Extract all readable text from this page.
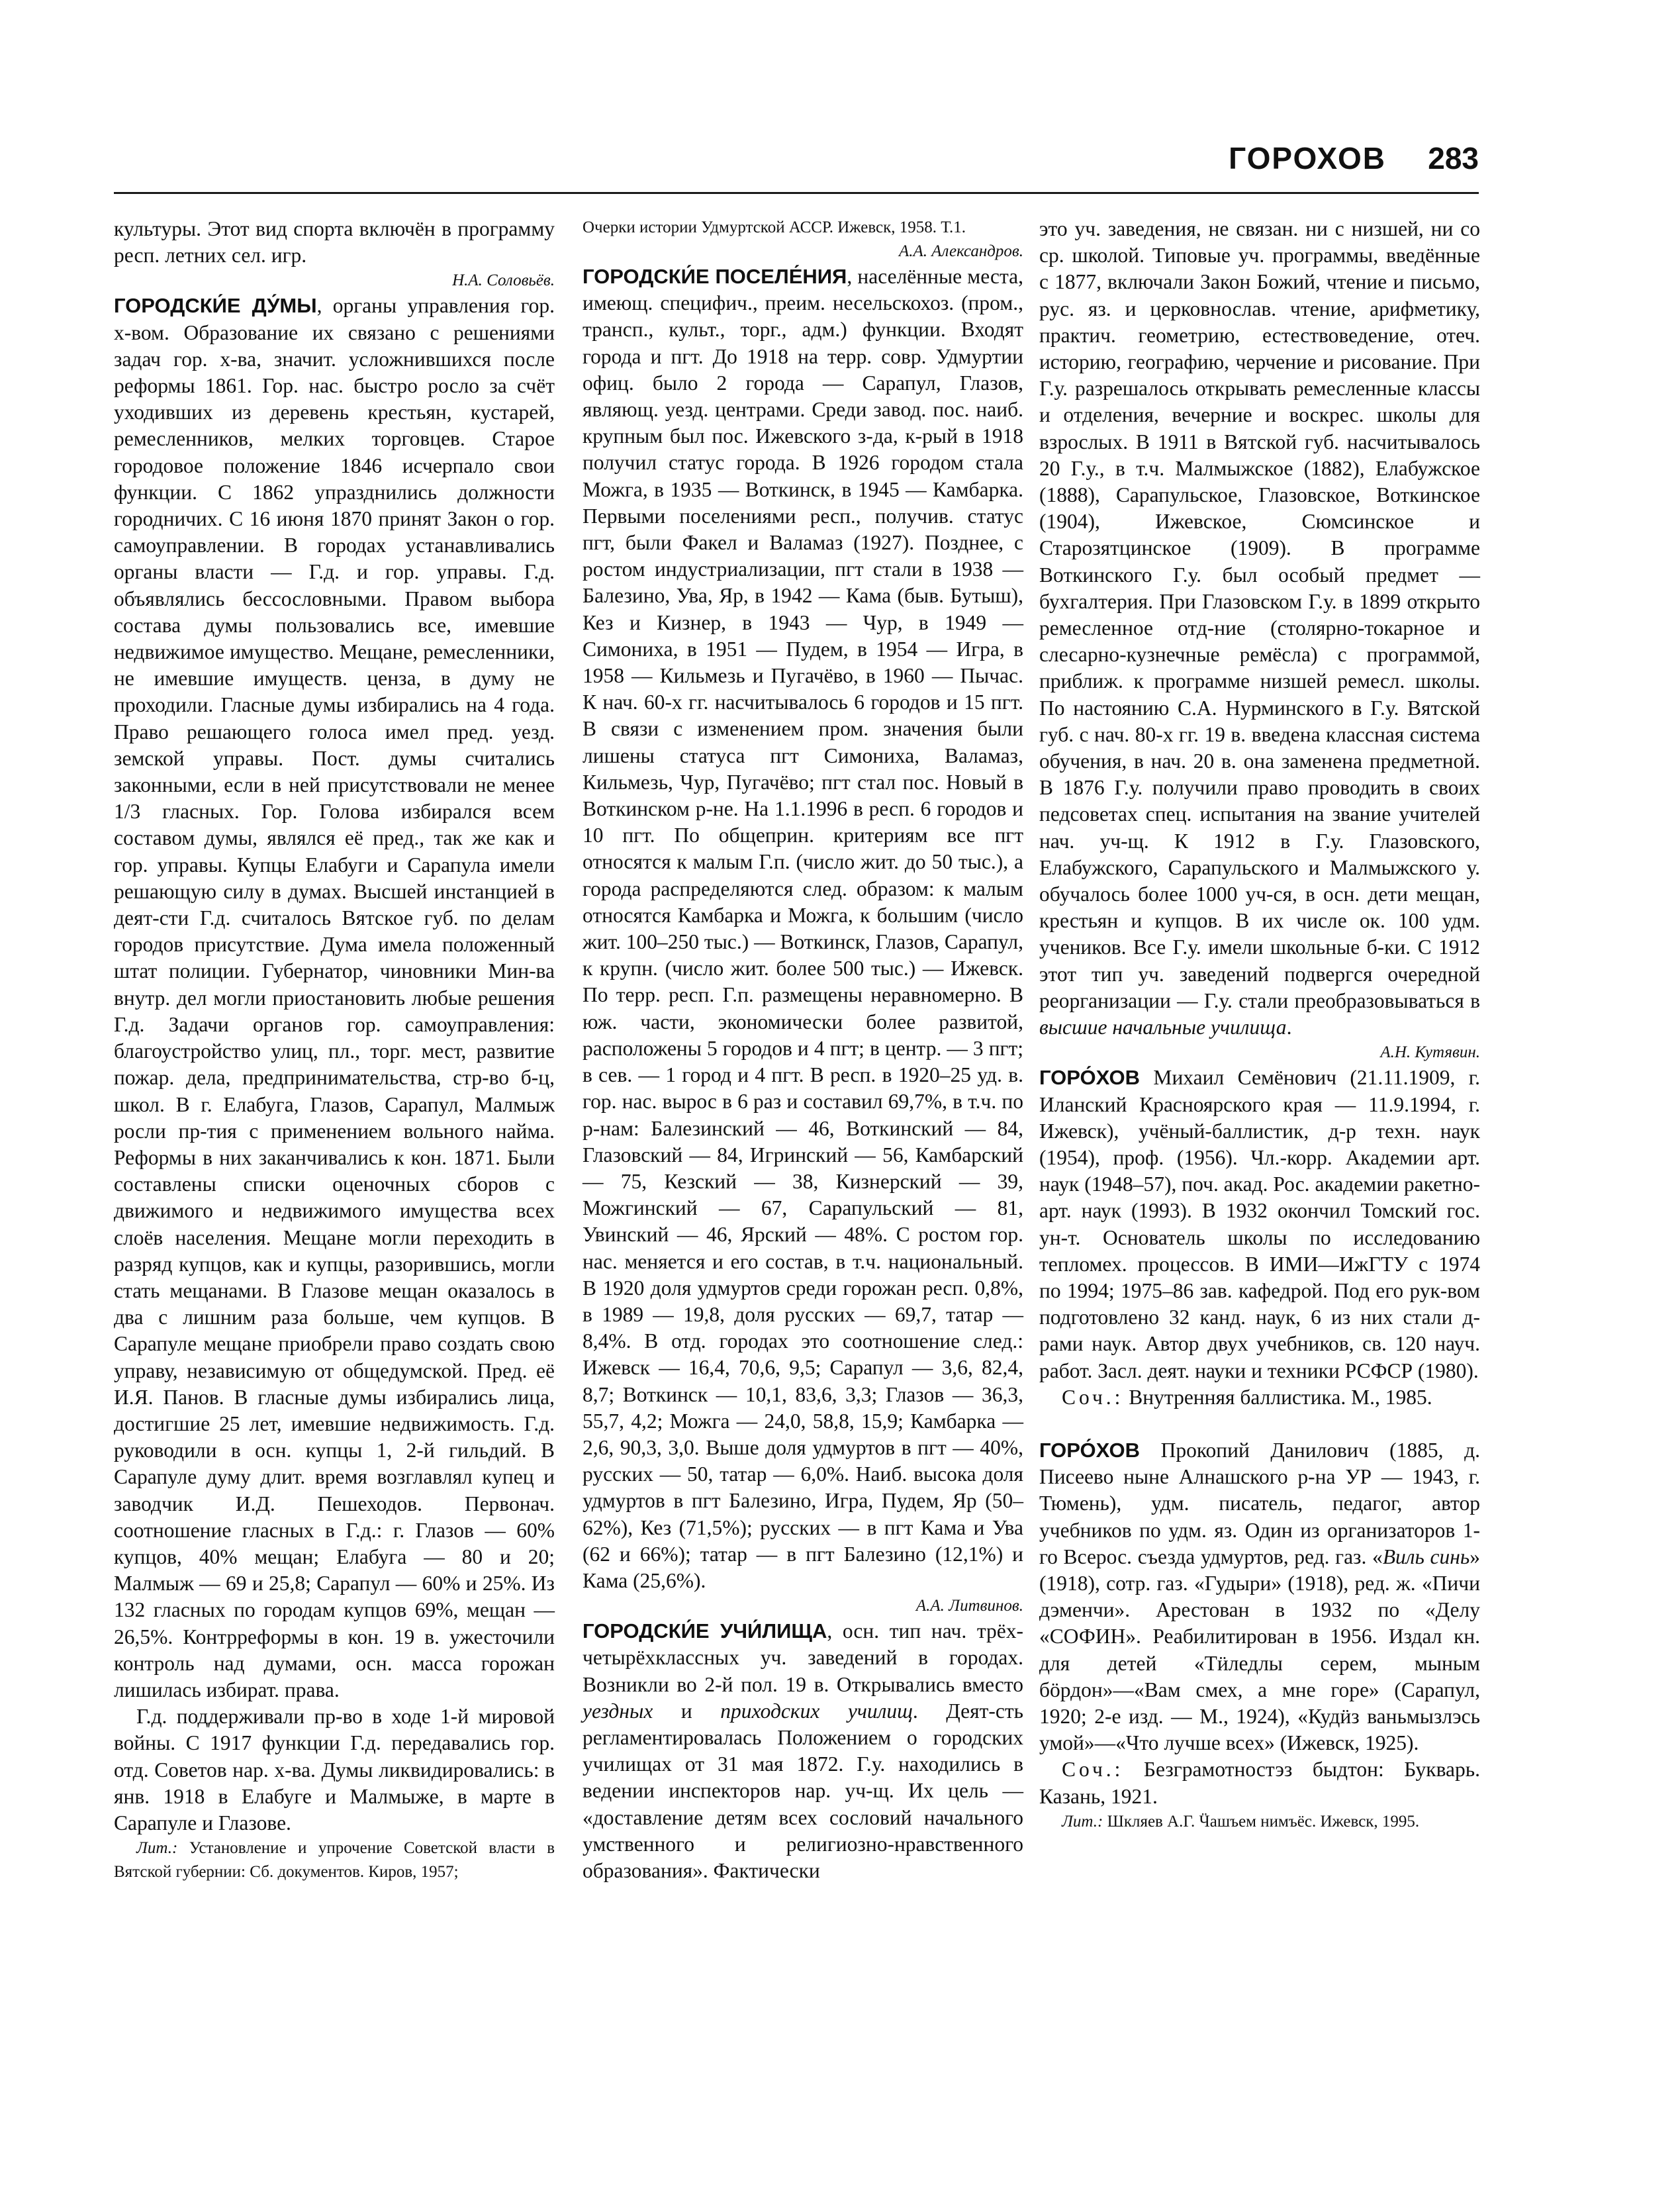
ГОРОХОВ 283

культуры. Этот вид спорта включён в программу респ. летних сел. игр.

Н.А. Соловьёв.

ГОРОДСКИ́Е ДУ́МЫ, органы управления гор. х-вом. Образование их связано с решениями задач гор. х-ва, значит. усложнившихся после реформы 1861. Гор. нас. быстро росло за счёт уходивших из деревень крестьян, кустарей, ремесленников, мелких торговцев. Старое городовое положение 1846 исчерпало свои функции. С 1862 упразднились должности городничих. С 16 июня 1870 принят Закон о гор. самоуправлении. В городах устанавливались органы власти — Г.д. и гор. управы. Г.д. объявлялись бессословными. Правом выбора состава думы пользовались все, имевшие недвижимое имущество. Мещане, ремесленники, не имевшие имуществ. ценза, в думу не проходили. Гласные думы избирались на 4 года. Право решающего голоса имел пред. уезд. земской управы. Пост. думы считались законными, если в ней присутствовали не менее 1/3 гласных. Гор. Голова избирался всем составом думы, являлся её пред., так же как и гор. управы. Купцы Елабуги и Сарапула имели решающую силу в думах. Высшей инстанцией в деят-сти Г.д. считалось Вятское губ. по делам городов присутствие. Дума имела положенный штат полиции. Губернатор, чиновники Мин-ва внутр. дел могли приостановить любые решения Г.д. Задачи органов гор. самоуправления: благоустройство улиц, пл., торг. мест, развитие пожар. дела, предпринимательства, стр-во б-ц, школ. В г. Елабуга, Глазов, Сарапул, Малмыж росли пр-тия с применением вольного найма. Реформы в них заканчивались к кон. 1871. Были составлены списки оценочных сборов с движимого и недвижимого имущества всех слоёв населения. Мещане могли переходить в разряд купцов, как и купцы, разорившись, могли стать мещанами. В Глазове мещан оказалось в два с лишним раза больше, чем купцов. В Сарапуле мещане приобрели право создать свою управу, независимую от общедумской. Пред. её И.Я. Панов. В гласные думы избирались лица, достигшие 25 лет, имевшие недвижимость. Г.д. руководили в осн. купцы 1, 2-й гильдий. В Сарапуле думу длит. время возглавлял купец и заводчик И.Д. Пешеходов. Первонач. соотношение гласных в Г.д.: г. Глазов — 60% купцов, 40% мещан; Елабуга — 80 и 20; Малмыж — 69 и 25,8; Сарапул — 60% и 25%. Из 132 гласных по городам купцов 69%, мещан — 26,5%. Контрреформы в кон. 19 в. ужесточили контроль над думами, осн. масса горожан лишилась избират. права.

Г.д. поддерживали пр-во в ходе 1-й мировой войны. С 1917 функции Г.д. передавались гор. отд. Советов нар. х-ва. Думы ликвидировались: в янв. 1918 в Елабуге и Малмыже, в марте в Сарапуле и Глазове.

Лит.: Установление и упрочение Советской власти в Вятской губернии: Сб. документов. Киров, 1957;

Очерки истории Удмуртской АССР. Ижевск, 1958. Т.1.

А.А. Александров.

ГОРОДСКИ́Е ПОСЕЛЕ́НИЯ, населённые места, имеющ. специфич., преим. несельскохоз. (пром., трансп., культ., торг., адм.) функции. Входят города и пгт. До 1918 на терр. совр. Удмуртии офиц. было 2 города — Сарапул, Глазов, являющ. уезд. центрами. Среди завод. пос. наиб. крупным был пос. Ижевского з-да, к-рый в 1918 получил статус города. В 1926 городом стала Можга, в 1935 — Воткинск, в 1945 — Камбарка. Первыми поселениями респ., получив. статус пгт, были Факел и Валамаз (1927). Позднее, с ростом индустриализации, пгт стали в 1938 — Балезино, Ува, Яр, в 1942 — Кама (быв. Бутыш), Кез и Кизнер, в 1943 — Чур, в 1949 — Симониха, в 1951 — Пудем, в 1954 — Игра, в 1958 — Кильмезь и Пугачёво, в 1960 — Пычас. К нач. 60-х гг. насчитывалось 6 городов и 15 пгт. В связи с изменением пром. значения были лишены статуса пгт Симониха, Валамаз, Кильмезь, Чур, Пугачёво; пгт стал пос. Новый в Воткинском р-не. На 1.1.1996 в респ. 6 городов и 10 пгт. По общеприн. критериям все пгт относятся к малым Г.п. (число жит. до 50 тыс.), а города распределяются след. образом: к малым относятся Камбарка и Можга, к большим (число жит. 100–250 тыс.) — Воткинск, Глазов, Сарапул, к крупн. (число жит. более 500 тыс.) — Ижевск. По терр. респ. Г.п. размещены неравномерно. В юж. части, экономически более развитой, расположены 5 городов и 4 пгт; в центр. — 3 пгт; в сев. — 1 город и 4 пгт. В респ. в 1920–25 уд. в. гор. нас. вырос в 6 раз и составил 69,7%, в т.ч. по р-нам: Балезинский — 46, Воткинский — 84, Глазовский — 84, Игринский — 56, Камбарский — 75, Кезский — 38, Кизнерский — 39, Можгинский — 67, Сарапульский — 81, Увинский — 46, Ярский — 48%. С ростом гор. нас. меняется и его состав, в т.ч. национальный. В 1920 доля удмуртов среди горожан респ. 0,8%, в 1989 — 19,8, доля русских — 69,7, татар — 8,4%. В отд. городах это соотношение след.: Ижевск — 16,4, 70,6, 9,5; Сарапул — 3,6, 82,4, 8,7; Воткинск — 10,1, 83,6, 3,3; Глазов — 36,3, 55,7, 4,2; Можга — 24,0, 58,8, 15,9; Камбарка — 2,6, 90,3, 3,0. Выше доля удмуртов в пгт — 40%, русских — 50, татар — 6,0%. Наиб. высока доля удмуртов в пгт Балезино, Игра, Пудем, Яр (50–62%), Кез (71,5%); русских — в пгт Кама и Ува (62 и 66%); татар — в пгт Балезино (12,1%) и Кама (25,6%).

А.А. Литвинов.

ГОРОДСКИ́Е УЧИ́ЛИЩА, осн. тип нач. трёх-четырёхклассных уч. заведений в городах. Возникли во 2-й пол. 19 в. Открывались вместо уездных и приходских училищ. Деят-сть регламентировалась Положением о городских училищах от 31 мая 1872. Г.у. находились в ведении инспекторов нар. уч-щ. Их цель — «доставление детям всех сословий начального умственного и религиозно-нравственного образования». Фактически

это уч. заведения, не связан. ни с низшей, ни со ср. школой. Типовые уч. программы, введённые с 1877, включали Закон Божий, чтение и письмо, рус. яз. и церковнослав. чтение, арифметику, практич. геометрию, естествоведение, отеч. историю, географию, черчение и рисование. При Г.у. разрешалось открывать ремесленные классы и отделения, вечерние и воскрес. школы для взрослых. В 1911 в Вятской губ. насчитывалось 20 Г.у., в т.ч. Малмыжское (1882), Елабужское (1888), Сарапульское, Глазовское, Воткинское (1904), Ижевское, Сюмсинское и Старозятцинское (1909). В программе Воткинского Г.у. был особый предмет — бухгалтерия. При Глазовском Г.у. в 1899 открыто ремесленное отд-ние (столярно-токарное и слесарно-кузнечные ремёсла) с программой, приближ. к программе низшей ремесл. школы. По настоянию С.А. Нурминского в Г.у. Вятской губ. с нач. 80-х гг. 19 в. введена классная система обучения, в нач. 20 в. она заменена предметной. В 1876 Г.у. получили право проводить в своих педсоветах спец. испытания на звание учителей нач. уч-щ. К 1912 в Г.у. Глазовского, Елабужского, Сарапульского и Малмыжского у. обучалось более 1000 уч-ся, в осн. дети мещан, крестьян и купцов. В их числе ок. 100 удм. учеников. Все Г.у. имели школьные б-ки. С 1912 этот тип уч. заведений подвергся очередной реорганизации — Г.у. стали преобразовываться в высшие начальные училища.

А.Н. Кутявин.

ГОРО́ХОВ Михаил Семёнович (21.11.1909, г. Иланский Красноярского края — 11.9.1994, г. Ижевск), учёный-баллистик, д-р техн. наук (1954), проф. (1956). Чл.-корр. Академии арт. наук (1948–57), поч. акад. Рос. академии ракетно-арт. наук (1993). В 1932 окончил Томский гос. ун-т. Основатель школы по исследованию тепломех. процессов. В ИМИ—ИжГТУ с 1974 по 1994; 1975–86 зав. кафедрой. Под его рук-вом подготовлено 32 канд. наук, 6 из них стали д-рами наук. Автор двух учебников, св. 120 науч. работ. Засл. деят. науки и техники РСФСР (1980).

Соч.: Внутренняя баллистика. М., 1985.

ГОРО́ХОВ Прокопий Данилович (1885, д. Писеево ныне Алнашского р-на УР — 1943, г. Тюмень), удм. писатель, педагог, автор учебников по удм. яз. Один из организаторов 1-го Всерос. съезда удмуртов, ред. газ. «Виль синь» (1918), сотр. газ. «Гудыри» (1918), ред. ж. «Пичи дэменчи». Арестован в 1932 по «Делу «СОФИН». Реабилитирован в 1956. Издал кн. для детей «Тӥледлы серем, мыным бӧрдон»—«Вам смех, а мне горе» (Сарапул, 1920; 2-е изд. — М., 1924), «Кудӥз ваньмызлэсь умой»—«Что лучше всех» (Ижевск, 1925).

Соч.: Безграмотностэз быдтон: Букварь. Казань, 1921.

Лит.: Шкляев А.Г. Ӵашъем нимъёс. Ижевск, 1995.
